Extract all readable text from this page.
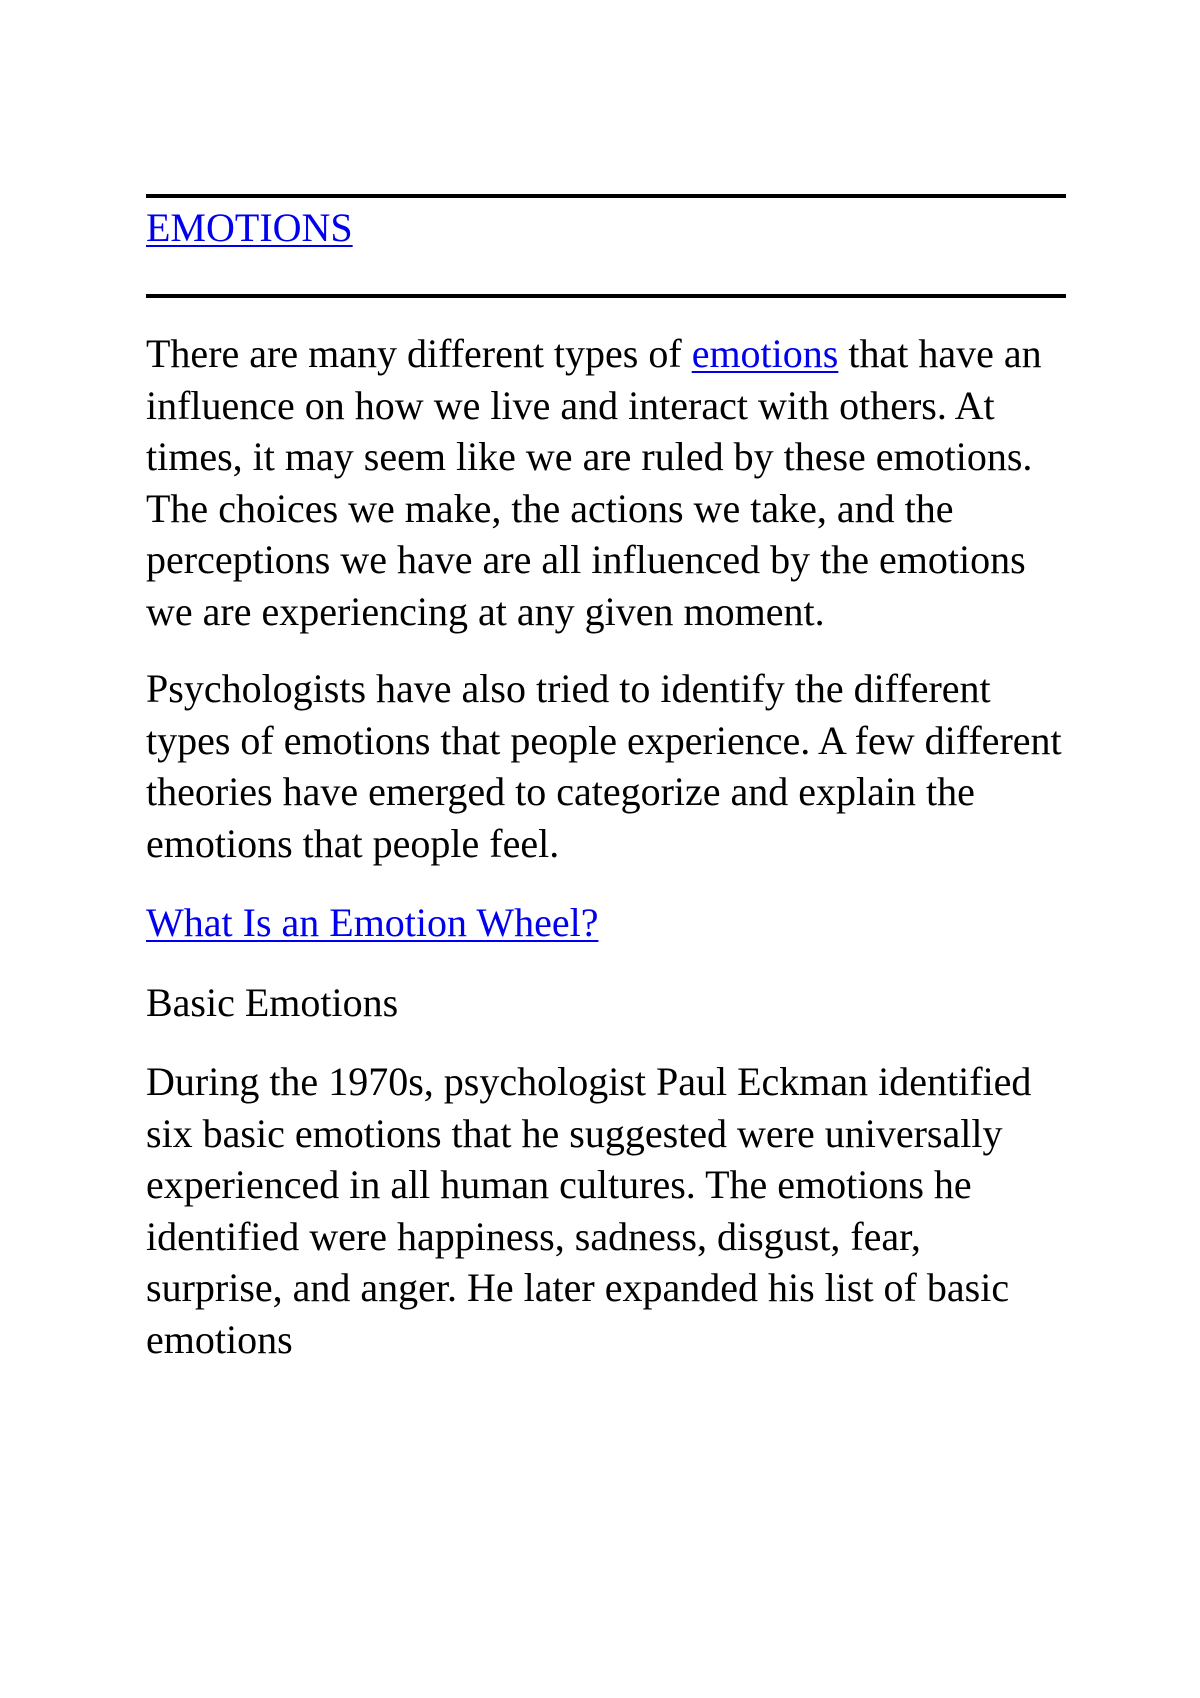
EMOTIONS

There are many different types of emotions that have an influence on how we live and interact with others. At times, it may seem like we are ruled by these emotions. The choices we make, the actions we take, and the perceptions we have are all influenced by the emotions we are experiencing at any given moment.

Psychologists have also tried to identify the different types of emotions that people experience. A few different theories have emerged to categorize and explain the emotions that people feel.

What Is an Emotion Wheel?

Basic Emotions

During the 1970s, psychologist Paul Eckman identified six basic emotions that he suggested were universally experienced in all human cultures. The emotions he identified were happiness, sadness, disgust, fear, surprise, and anger. He later expanded his list of basic emotions
